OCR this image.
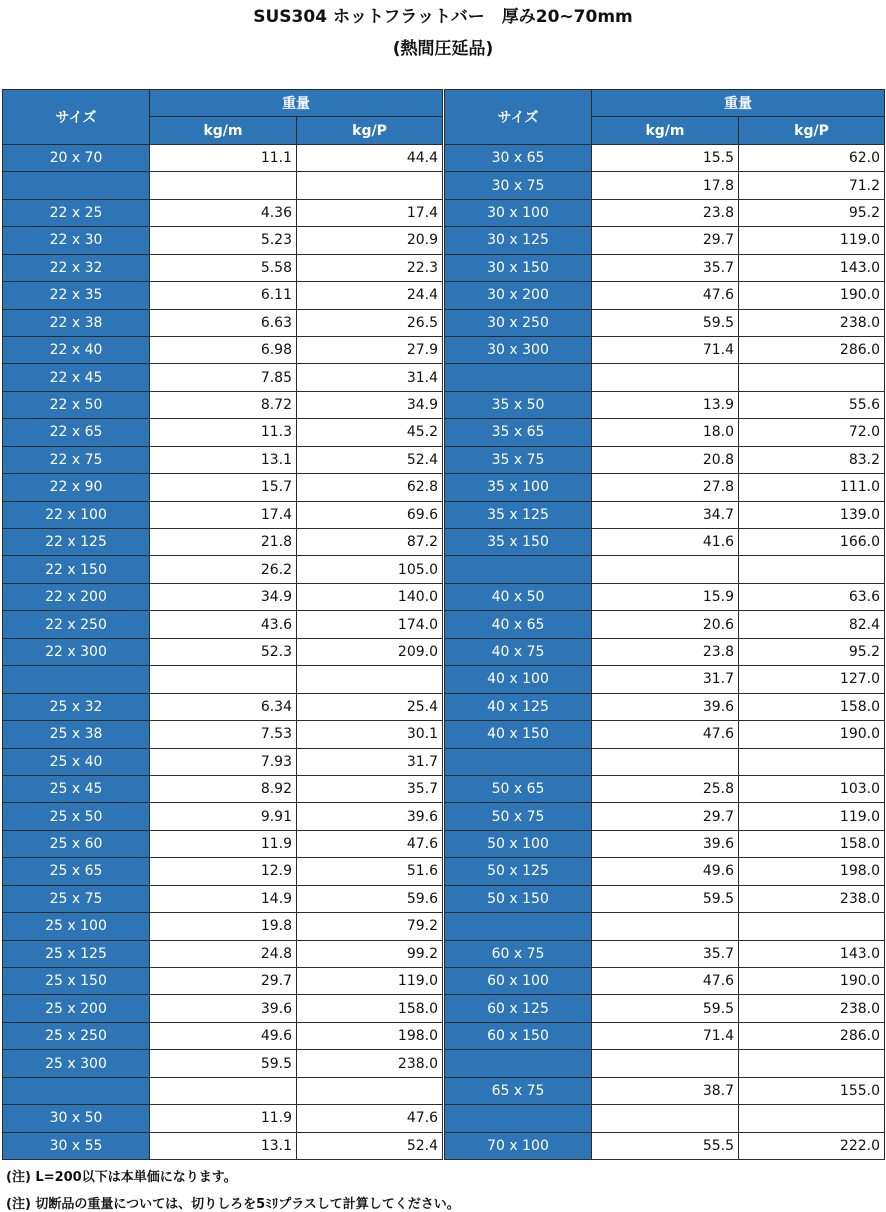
SUS304 ホットフラットバー　厚み20~70mm
(熱間圧延品)
サイズ	重量	
	kg/m	kg/P
20 x 70	11.1	44.4

22 x 25	4.36	17.4
22 x 30	5.23	20.9
22 x 32	5.58	22.3
22 x 35	6.11	24.4
22 x 38	6.63	26.5
22 x 40	6.98	27.9
22 x 45	7.85	31.4
22 x 50	8.72	34.9
22 x 65	11.3	45.2
22 x 75	13.1	52.4
22 x 90	15.7	62.8
22 x 100	17.4	69.6
22 x 125	21.8	87.2
22 x 150	26.2	105.0
22 x 200	34.9	140.0
22 x 250	43.6	174.0
22 x 300	52.3	209.0

25 x 32	6.34	25.4
25 x 38	7.53	30.1
25 x 40	7.93	31.7
25 x 45	8.92	35.7
25 x 50	9.91	39.6
25 x 60	11.9	47.6
25 x 65	12.9	51.6
25 x 75	14.9	59.6
25 x 100	19.8	79.2
25 x 125	24.8	99.2
25 x 150	29.7	119.0
25 x 200	39.6	158.0
25 x 250	49.6	198.0
25 x 300	59.5	238.0

30 x 50	11.9	47.6
30 x 55	13.1	52.4
サイズ	重量	
	kg/m	kg/P
30 x 65	15.5	62.0
30 x 75	17.8	71.2
30 x 100	23.8	95.2
30 x 125	29.7	119.0
30 x 150	35.7	143.0
30 x 200	47.6	190.0
30 x 250	59.5	238.0
30 x 300	71.4	286.0

35 x 50	13.9	55.6
35 x 65	18.0	72.0
35 x 75	20.8	83.2
35 x 100	27.8	111.0
35 x 125	34.7	139.0
35 x 150	41.6	166.0

40 x 50	15.9	63.6
40 x 65	20.6	82.4
40 x 75	23.8	95.2
40 x 100	31.7	127.0
40 x 125	39.6	158.0
40 x 150	47.6	190.0

50 x 65	25.8	103.0
50 x 75	29.7	119.0
50 x 100	39.6	158.0
50 x 125	49.6	198.0
50 x 150	59.5	238.0

60 x 75	35.7	143.0
60 x 100	47.6	190.0
60 x 125	59.5	238.0
60 x 150	71.4	286.0

65 x 75	38.7	155.0

70 x 100	55.5	222.0
(注) L=200以下は本単価になります。
(注) 切断品の重量については、切りしろを5ﾐﾘプラスして計算してください。
